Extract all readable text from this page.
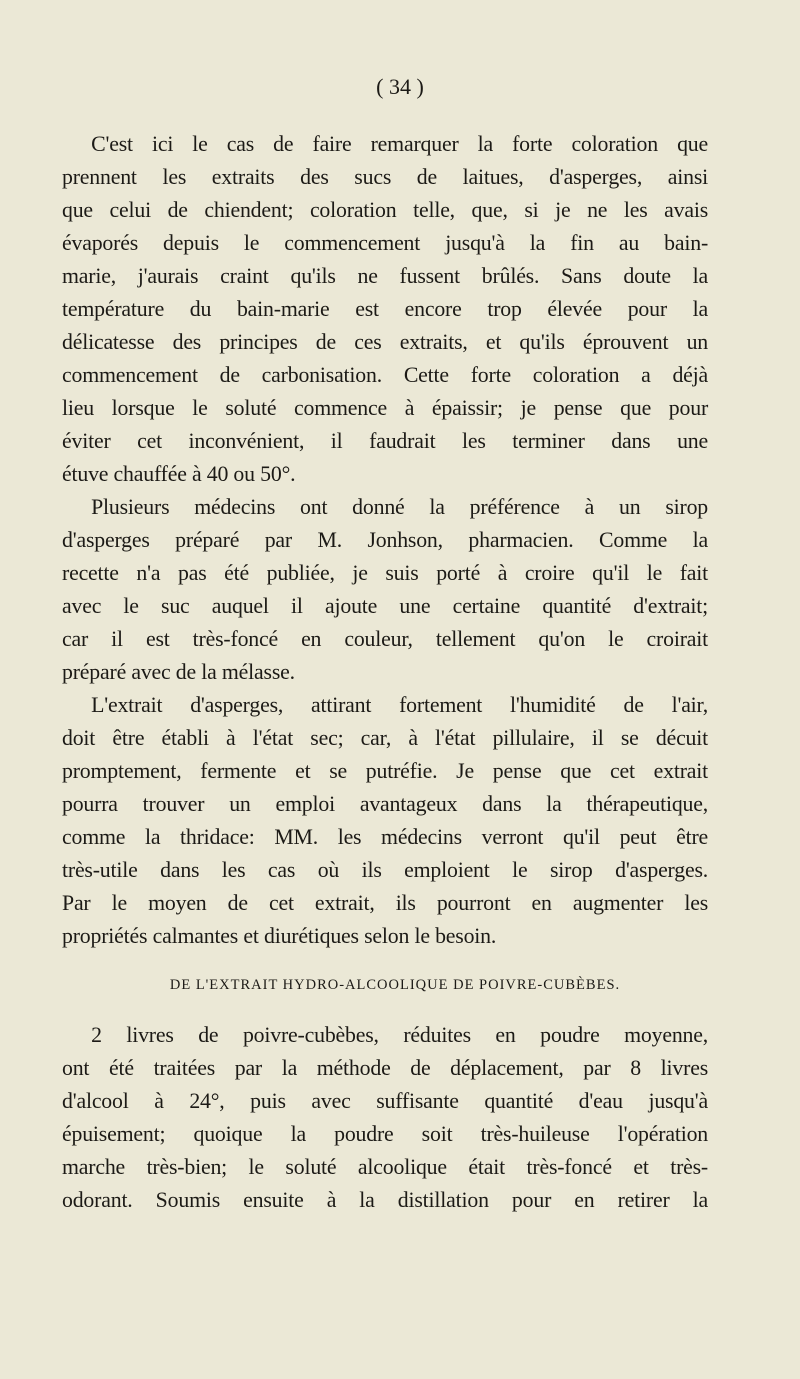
( 34 )
C'est ici le cas de faire remarquer la forte coloration que
prennent les extraits des sucs de laitues, d'asperges, ainsi
que celui de chiendent; coloration telle, que, si je ne les avais
évaporés depuis le commencement jusqu'à la fin au bain-
marie, j'aurais craint qu'ils ne fussent brûlés. Sans doute la
température du bain-marie est encore trop élevée pour la
délicatesse des principes de ces extraits, et qu'ils éprouvent un
commencement de carbonisation. Cette forte coloration a déjà
lieu lorsque le soluté commence à épaissir; je pense que pour
éviter cet inconvénient, il faudrait les terminer dans une
étuve chauffée à 40 ou 50°.
Plusieurs médecins ont donné la préférence à un sirop
d'asperges préparé par M. Jonhson, pharmacien. Comme la
recette n'a pas été publiée, je suis porté à croire qu'il le fait
avec le suc auquel il ajoute une certaine quantité d'extrait;
car il est très-foncé en couleur, tellement qu'on le croirait
préparé avec de la mélasse.
L'extrait d'asperges, attirant fortement l'humidité de l'air,
doit être établi à l'état sec; car, à l'état pillulaire, il se décuit
promptement, fermente et se putréfie. Je pense que cet extrait
pourra trouver un emploi avantageux dans la thérapeutique,
comme la thridace: MM. les médecins verront qu'il peut être
très-utile dans les cas où ils emploient le sirop d'asperges.
Par le moyen de cet extrait, ils pourront en augmenter les
propriétés calmantes et diurétiques selon le besoin.
DE L'EXTRAIT HYDRO-ALCOOLIQUE DE POIVRE-CUBÈBES.
2 livres de poivre-cubèbes, réduites en poudre moyenne,
ont été traitées par la méthode de déplacement, par 8 livres
d'alcool à 24°, puis avec suffisante quantité d'eau jusqu'à
épuisement; quoique la poudre soit très-huileuse l'opération
marche très-bien; le soluté alcoolique était très-foncé et très-
odorant. Soumis ensuite à la distillation pour en retirer la
